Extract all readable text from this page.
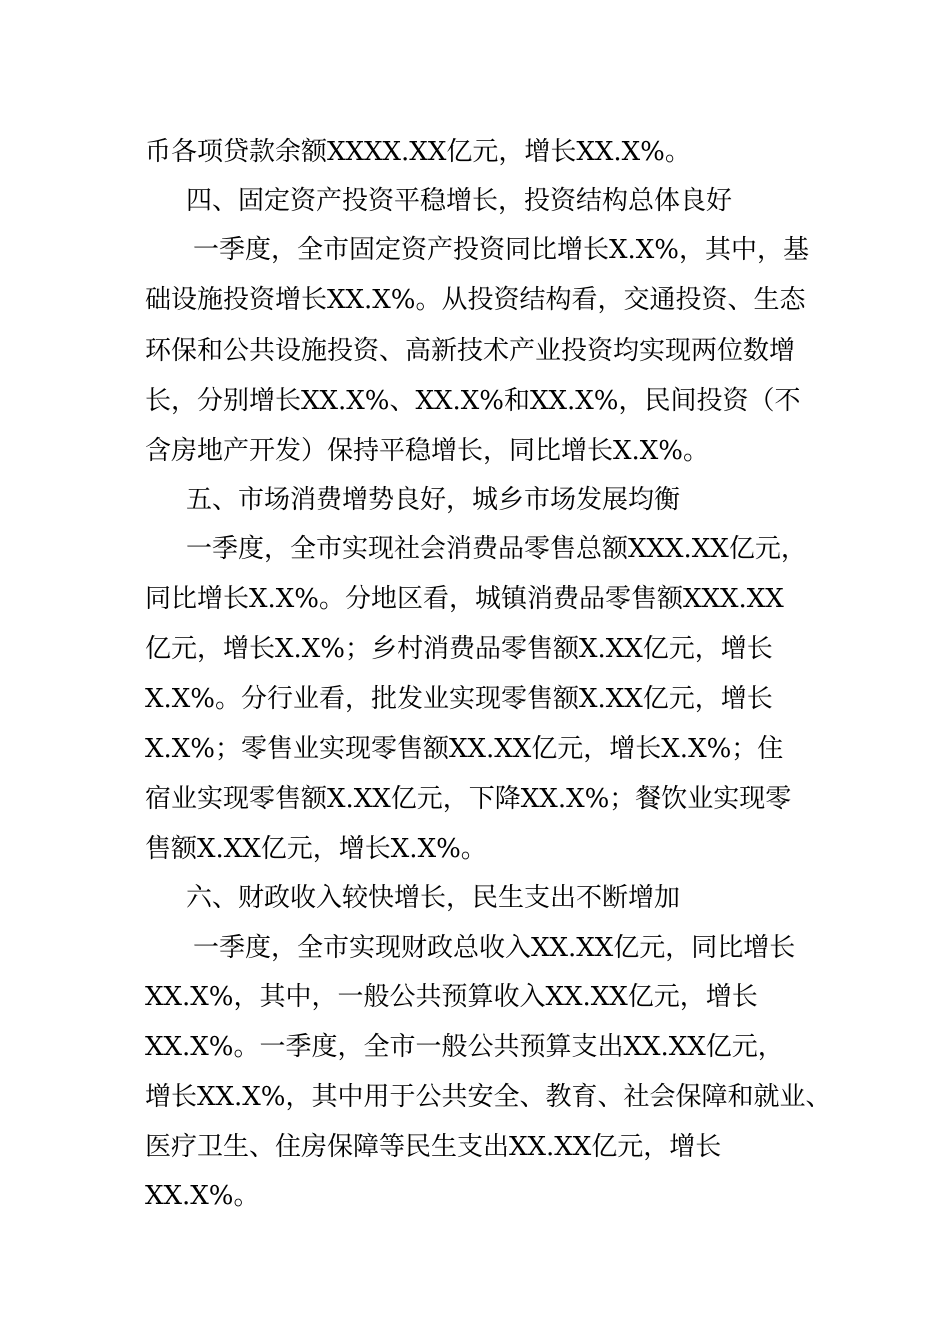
币各项贷款余额XXXX.XX亿元，增长XX.X%。
四、固定资产投资平稳增长，投资结构总体良好
一季度，全市固定资产投资同比增长X.X%，其中，基
础设施投资增长XX.X%。从投资结构看，交通投资、生态
环保和公共设施投资、高新技术产业投资均实现两位数增
长，分别增长XX.X%、XX.X%和XX.X%，民间投资（不
含房地产开发）保持平稳增长，同比增长X.X%。
五、市场消费增势良好，城乡市场发展均衡
一季度，全市实现社会消费品零售总额XXX.XX亿元，
同比增长X.X%。分地区看，城镇消费品零售额XXX.XX
亿元，增长X.X%；乡村消费品零售额X.XX亿元，增长
X.X%。分行业看，批发业实现零售额X.XX亿元，增长
X.X%；零售业实现零售额XX.XX亿元，增长X.X%；住
宿业实现零售额X.XX亿元，下降XX.X%；餐饮业实现零
售额X.XX亿元，增长X.X%。
六、财政收入较快增长，民生支出不断增加
一季度，全市实现财政总收入XX.XX亿元，同比增长
XX.X%，其中，一般公共预算收入XX.XX亿元，增长
XX.X%。一季度，全市一般公共预算支出XX.XX亿元，
增长XX.X%，其中用于公共安全、教育、社会保障和就业、
医疗卫生、住房保障等民生支出XX.XX亿元，增长
XX.X%。
